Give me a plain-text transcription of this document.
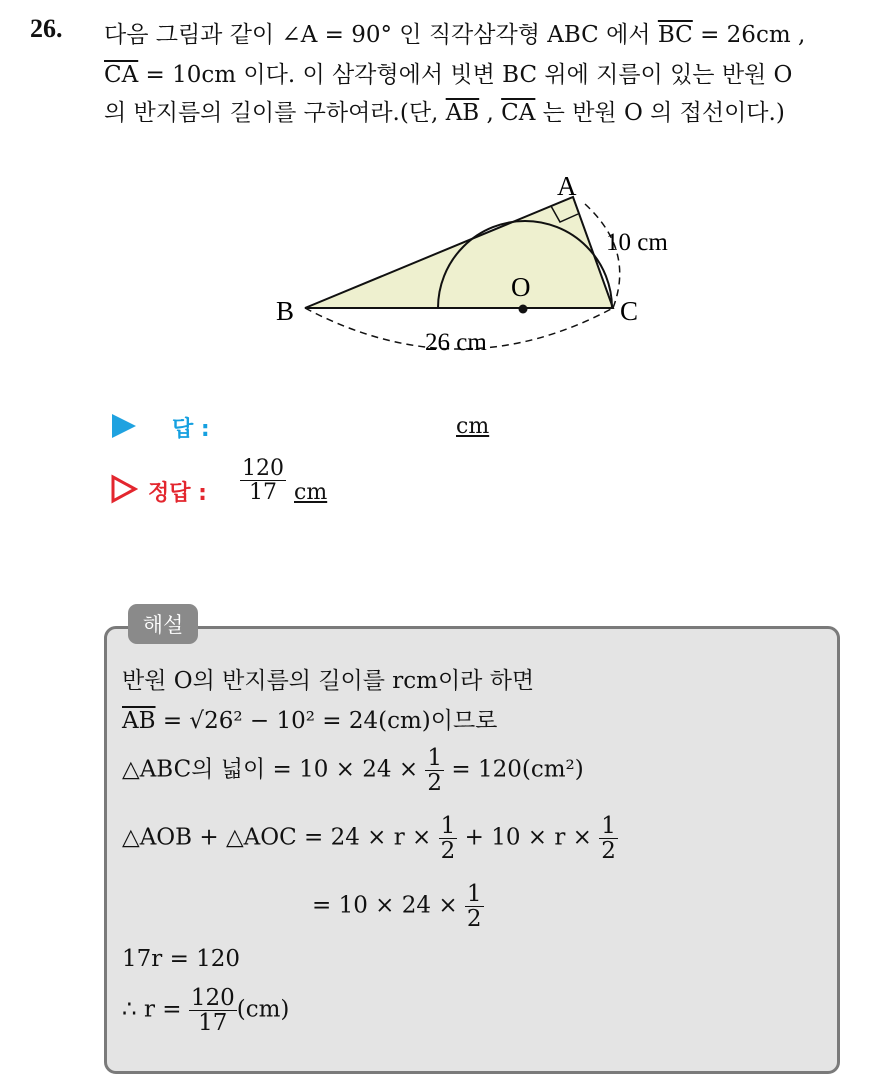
26. 다음 그림과 같이 ∠A = 90° 인 직각삼각형 ABC 에서 $\overline{BC} = 26cm$ ,
$\overline{CA} = 10cm$ 이다. 이 삼각형에서 빗변 BC 위에 지름이 있는 반원 O
의 반지름의 길이를 구하여라.(단, $\overline{AB}$ , $\overline{CA}$ 는 반원 O 의 접선이다.)
A
B	C
O
10 cm
26 cm
답 :	cm
정답 : $\frac{120}{17}$ cm
해설
반원 O의 반지름의 길이를 rcm이라 하면
$\overline{AB} = √26^2 - 10^2 = 24(cm)$이므로
△ABC의 넓이 = $10 \times 24 \times \frac{1}{2} = 120(cm^2)$
△AOB + △AOC = $24 \times r \times \frac{1}{2} + 10 \times r \times \frac{1}{2}$
= $10 \times 24 \times \frac{1}{2}$
17r = 120
∴ $r = \frac{120}{17} (cm)$
